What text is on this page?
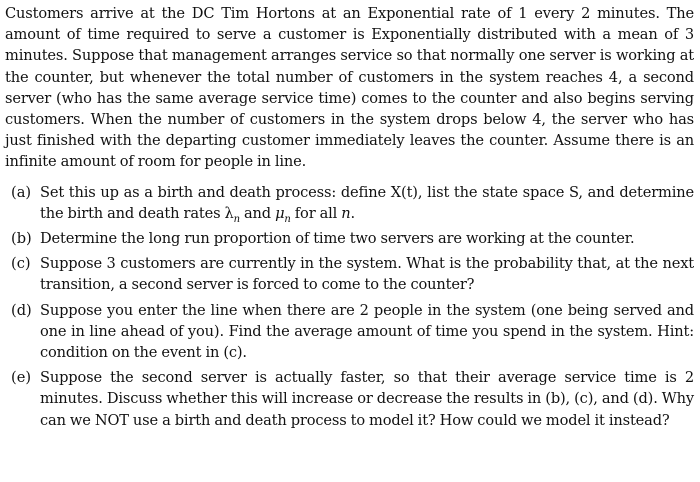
Customers arrive at the DC Tim Hortons at an Exponential rate of 1 every 2 minutes. The amount of time required to serve a customer is Exponentially distributed with a mean of 3 minutes. Suppose that management arranges service so that normally one server is working at the counter, but whenever the total number of customers in the system reaches 4, a second server (who has the same average service time) comes to the counter and also begins serving customers. When the number of customers in the system drops below 4, the server who has just finished with the departing customer immediately leaves the counter. Assume there is an infinite amount of room for people in line.

(a) Set this up as a birth and death process: define X(t), list the state space S, and determine the birth and death rates $\lambda_n$ and $\mu_n$ for all n.
(b) Determine the long run proportion of time two servers are working at the counter.
(c) Suppose 3 customers are currently in the system. What is the probability that, at the next transition, a second server is forced to come to the counter?
(d) Suppose you enter the line when there are 2 people in the system (one being served and one in line ahead of you). Find the average amount of time you spend in the system. Hint: condition on the event in (c).
(e) Suppose the second server is actually faster, so that their average service time is 2 minutes. Discuss whether this will increase or decrease the results in (b), (c), and (d). Why can we NOT use a birth and death process to model it? How could we model it instead?
